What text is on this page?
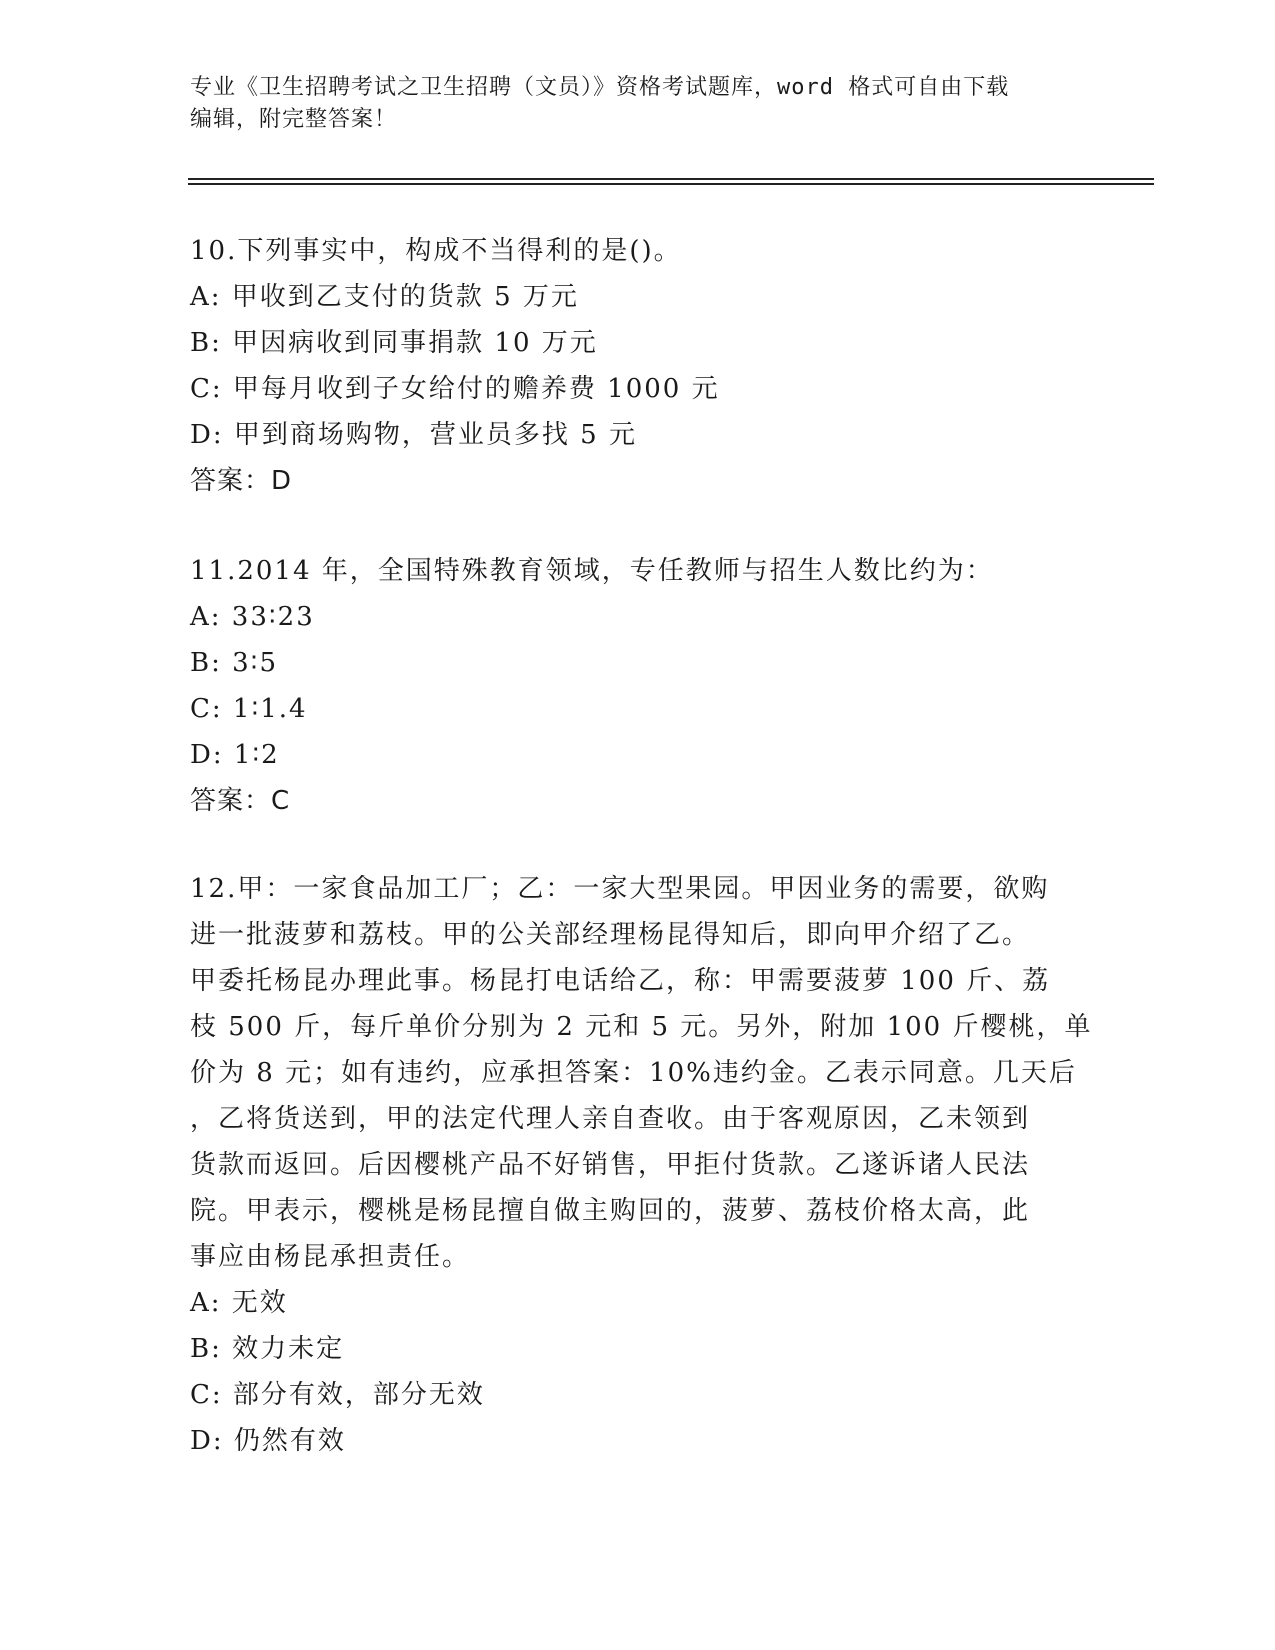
专业《卫生招聘考试之卫生招聘（文员）》资格考试题库，word 格式可自由下载
编辑，附完整答案！
10.下列事实中，构成不当得利的是()。
A: 甲收到乙支付的货款 5 万元
B: 甲因病收到同事捐款 10 万元
C: 甲每月收到子女给付的赡养费 1000 元
D: 甲到商场购物，营业员多找 5 元
答案：D
11.2014 年，全国特殊教育领域，专任教师与招生人数比约为：
A: 33∶23
B: 3∶5
C: 1∶1.4
D: 1∶2
答案：C
12.甲：一家食品加工厂；乙：一家大型果园。甲因业务的需要，欲购
进一批菠萝和荔枝。甲的公关部经理杨昆得知后，即向甲介绍了乙。
甲委托杨昆办理此事。杨昆打电话给乙，称：甲需要菠萝 100 斤、荔
枝 500 斤，每斤单价分别为 2 元和 5 元。另外，附加 100 斤樱桃，单
价为 8 元；如有违约，应承担答案：10%违约金。乙表示同意。几天后
，乙将货送到，甲的法定代理人亲自查收。由于客观原因，乙未领到
货款而返回。后因樱桃产品不好销售，甲拒付货款。乙遂诉诸人民法
院。甲表示，樱桃是杨昆擅自做主购回的，菠萝、荔枝价格太高，此
事应由杨昆承担责任。
A: 无效
B: 效力未定
C: 部分有效，部分无效
D: 仍然有效
